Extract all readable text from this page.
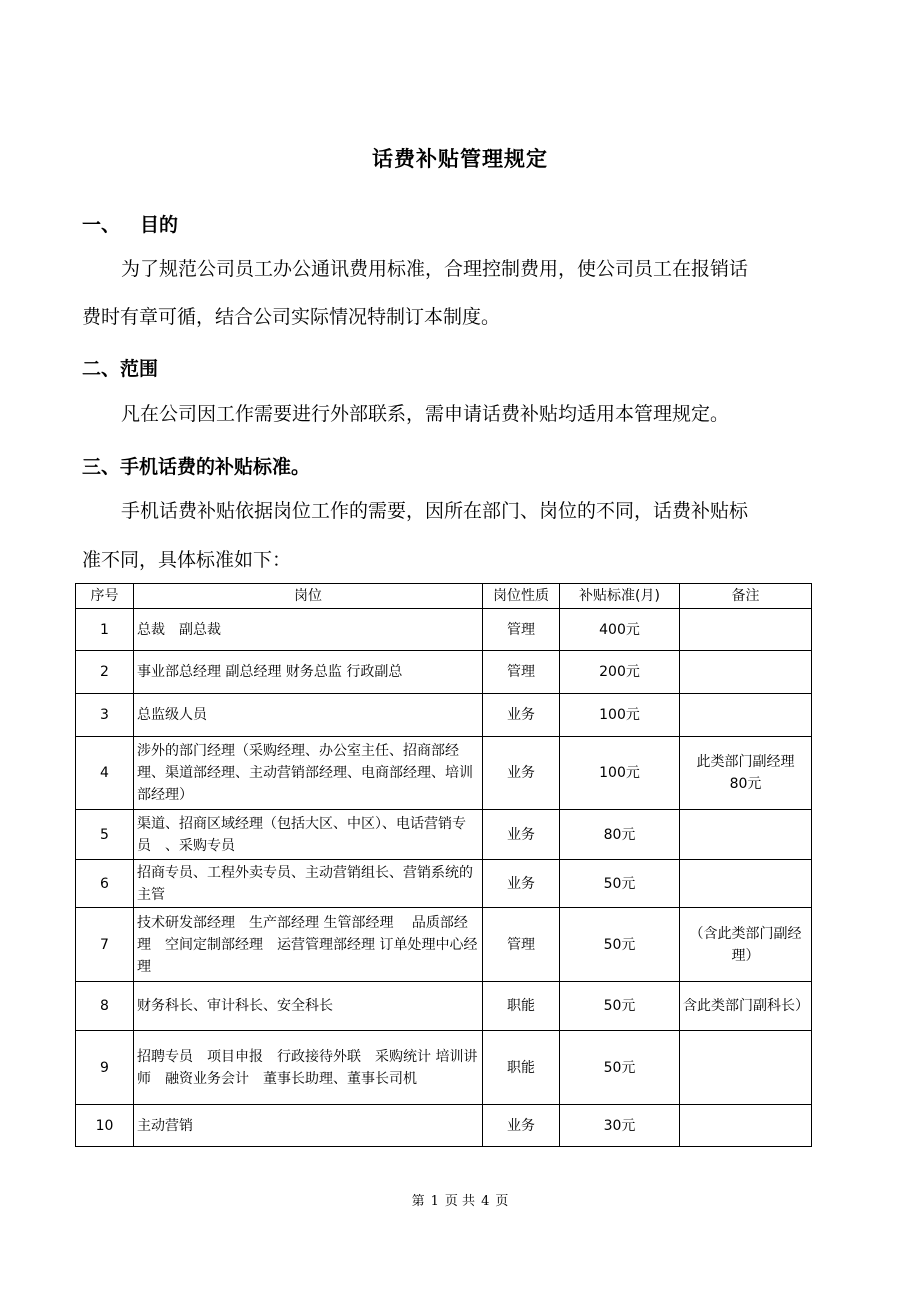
话费补贴管理规定
一、 目的
为了规范公司员工办公通讯费用标准，合理控制费用，使公司员工在报销话
费时有章可循，结合公司实际情况特制订本制度。
二、范围
凡在公司因工作需要进行外部联系，需申请话费补贴均适用本管理规定。
三、手机话费的补贴标准。
手机话费补贴依据岗位工作的需要，因所在部门、岗位的不同，话费补贴标
准不同，具体标准如下：
序号	岗位	岗位性质	补贴标准(月)	备注
1	总裁　副总裁	管理	400元	
2	事业部总经理 副总经理 财务总监 行政副总	管理	200元	
3	总监级人员	业务	100元	
4	涉外的部门经理（采购经理、办公室主任、招商部经理、渠道部经理、主动营销部经理、电商部经理、培训部经理）	业务	100元	此类部门副经理　 80元
5	渠道、招商区域经理（包括大区、中区）、电话营销专员　、采购专员	业务	80元	
6	招商专员、工程外卖专员、主动营销组长、营销系统的主管	业务	50元	
7	技术研发部经理　生产部经理 生管部经理　 品质部经理　空间定制部经理　运营管理部经理 订单处理中心经理	管理	50元	（含此类部门副经理）
8	财务科长、审计科长、安全科长	职能	50元	含此类部门副科长）
9	招聘专员　项目申报　行政接待外联　采购统计 培训讲师　融资业务会计　董事长助理、董事长司机	职能	50元	
10	主动营销	业务	30元	
第 1 页 共 4 页
